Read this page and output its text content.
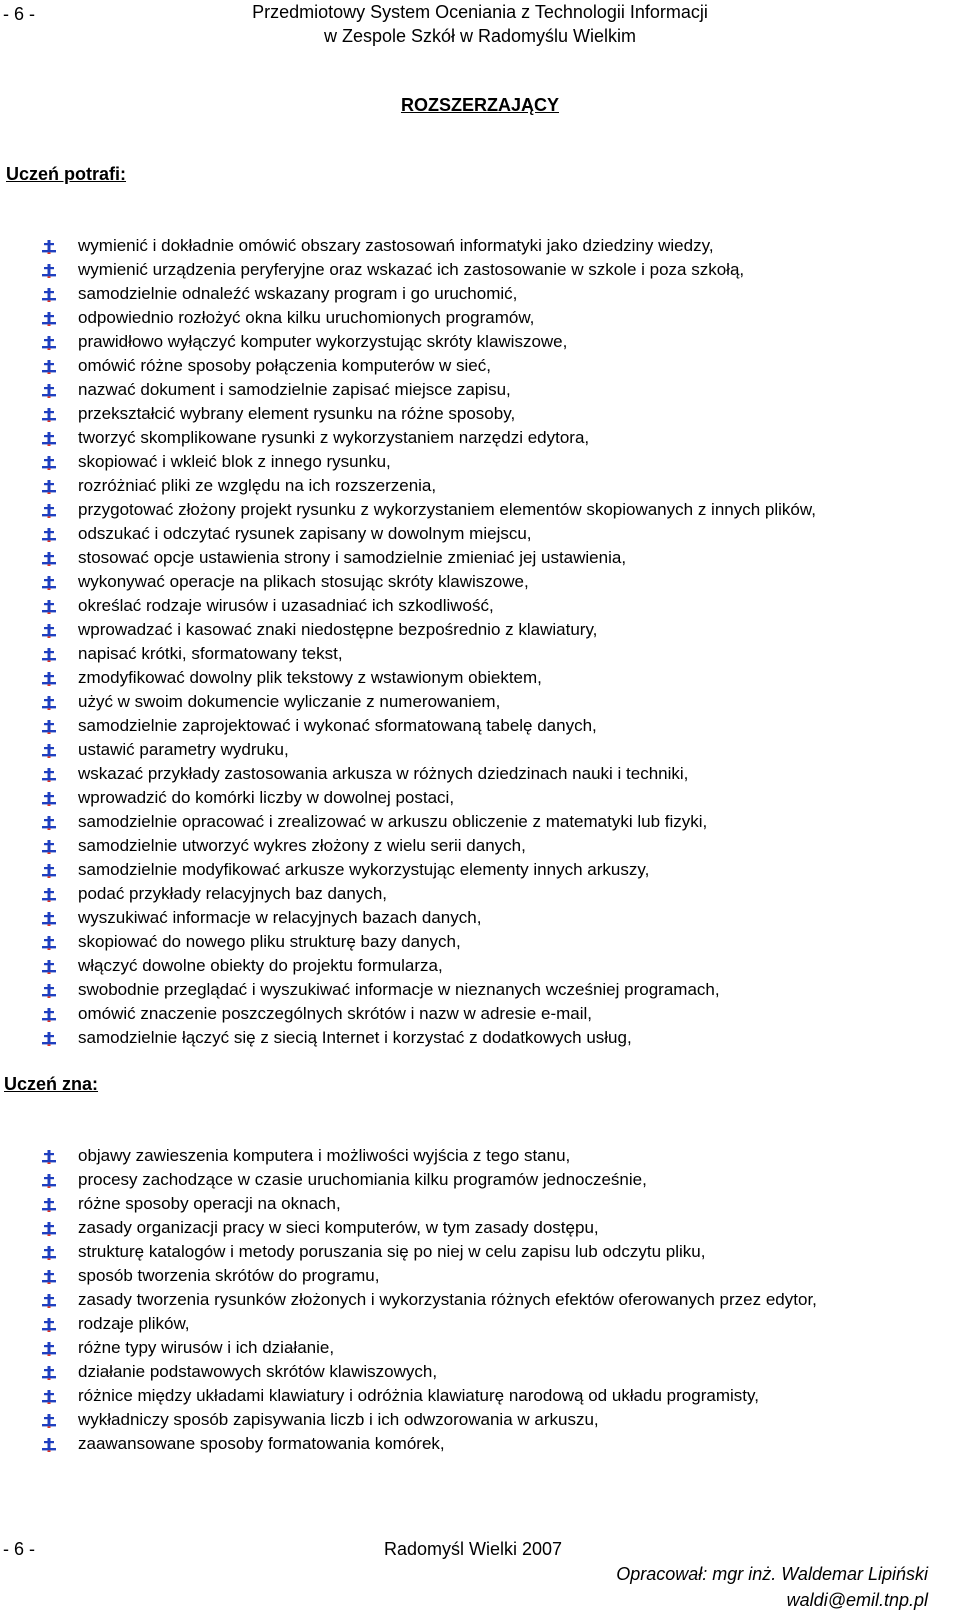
- 6 -	Przedmiotowy System Oceniania z Technologii Informacji
w Zespole Szkół w Radomyślu Wielkim
ROZSZERZAJĄCY
Uczeń potrafi:
wymienić i dokładnie omówić obszary zastosowań informatyki jako dziedziny wiedzy,
wymienić urządzenia peryferyjne oraz wskazać ich zastosowanie w szkole i poza szkołą,
samodzielnie odnaleźć wskazany program i go uruchomić,
odpowiednio rozłożyć okna kilku uruchomionych programów,
prawidłowo wyłączyć komputer wykorzystując skróty klawiszowe,
omówić różne sposoby połączenia komputerów w sieć,
nazwać dokument i samodzielnie zapisać miejsce zapisu,
przekształcić wybrany element rysunku na różne sposoby,
tworzyć skomplikowane rysunki z wykorzystaniem narzędzi edytora,
skopiować i wkleić blok z innego rysunku,
rozróżniać pliki ze względu na ich rozszerzenia,
przygotować złożony projekt rysunku z wykorzystaniem elementów skopiowanych z innych plików,
odszukać i odczytać rysunek zapisany w dowolnym miejscu,
stosować opcje ustawienia strony i samodzielnie zmieniać jej ustawienia,
wykonywać operacje na plikach stosując skróty klawiszowe,
określać rodzaje wirusów i uzasadniać ich szkodliwość,
wprowadzać i kasować znaki niedostępne bezpośrednio z klawiatury,
napisać krótki, sformatowany tekst,
zmodyfikować dowolny plik tekstowy z wstawionym obiektem,
użyć w swoim dokumencie wyliczanie z numerowaniem,
samodzielnie zaprojektować i wykonać sformatowaną tabelę danych,
ustawić parametry wydruku,
wskazać przykłady zastosowania arkusza w różnych dziedzinach nauki i techniki,
wprowadzić do komórki liczby w dowolnej postaci,
samodzielnie opracować i zrealizować w arkuszu obliczenie z matematyki lub fizyki,
samodzielnie utworzyć wykres złożony z wielu serii danych,
samodzielnie modyfikować arkusze wykorzystując elementy innych arkuszy,
podać przykłady relacyjnych baz danych,
wyszukiwać informacje w relacyjnych bazach danych,
skopiować do nowego pliku strukturę bazy danych,
włączyć dowolne obiekty do projektu formularza,
swobodnie przeglądać i wyszukiwać informacje w nieznanych wcześniej programach,
omówić znaczenie poszczególnych skrótów i nazw w adresie e-mail,
samodzielnie łączyć się z siecią Internet i korzystać z dodatkowych usług,
Uczeń zna:
objawy zawieszenia komputera i możliwości wyjścia z tego stanu,
procesy zachodzące w czasie uruchomiania kilku programów jednocześnie,
różne sposoby operacji na oknach,
zasady organizacji pracy w sieci komputerów, w tym zasady dostępu,
strukturę katalogów i metody poruszania się po niej w celu zapisu lub odczytu pliku,
sposób tworzenia skrótów do programu,
zasady tworzenia rysunków złożonych i wykorzystania różnych efektów oferowanych przez edytor,
rodzaje plików,
różne typy wirusów i ich działanie,
działanie podstawowych skrótów klawiszowych,
różnice między układami klawiatury i odróżnia klawiaturę narodową od układu programisty,
wykładniczy sposób zapisywania liczb i ich odwzorowania w arkuszu,
zaawansowane sposoby formatowania komórek,
- 6 -	Radomyśl Wielki 2007
Opracował: mgr inż. Waldemar Lipiński
waldi@emil.tnp.pl
